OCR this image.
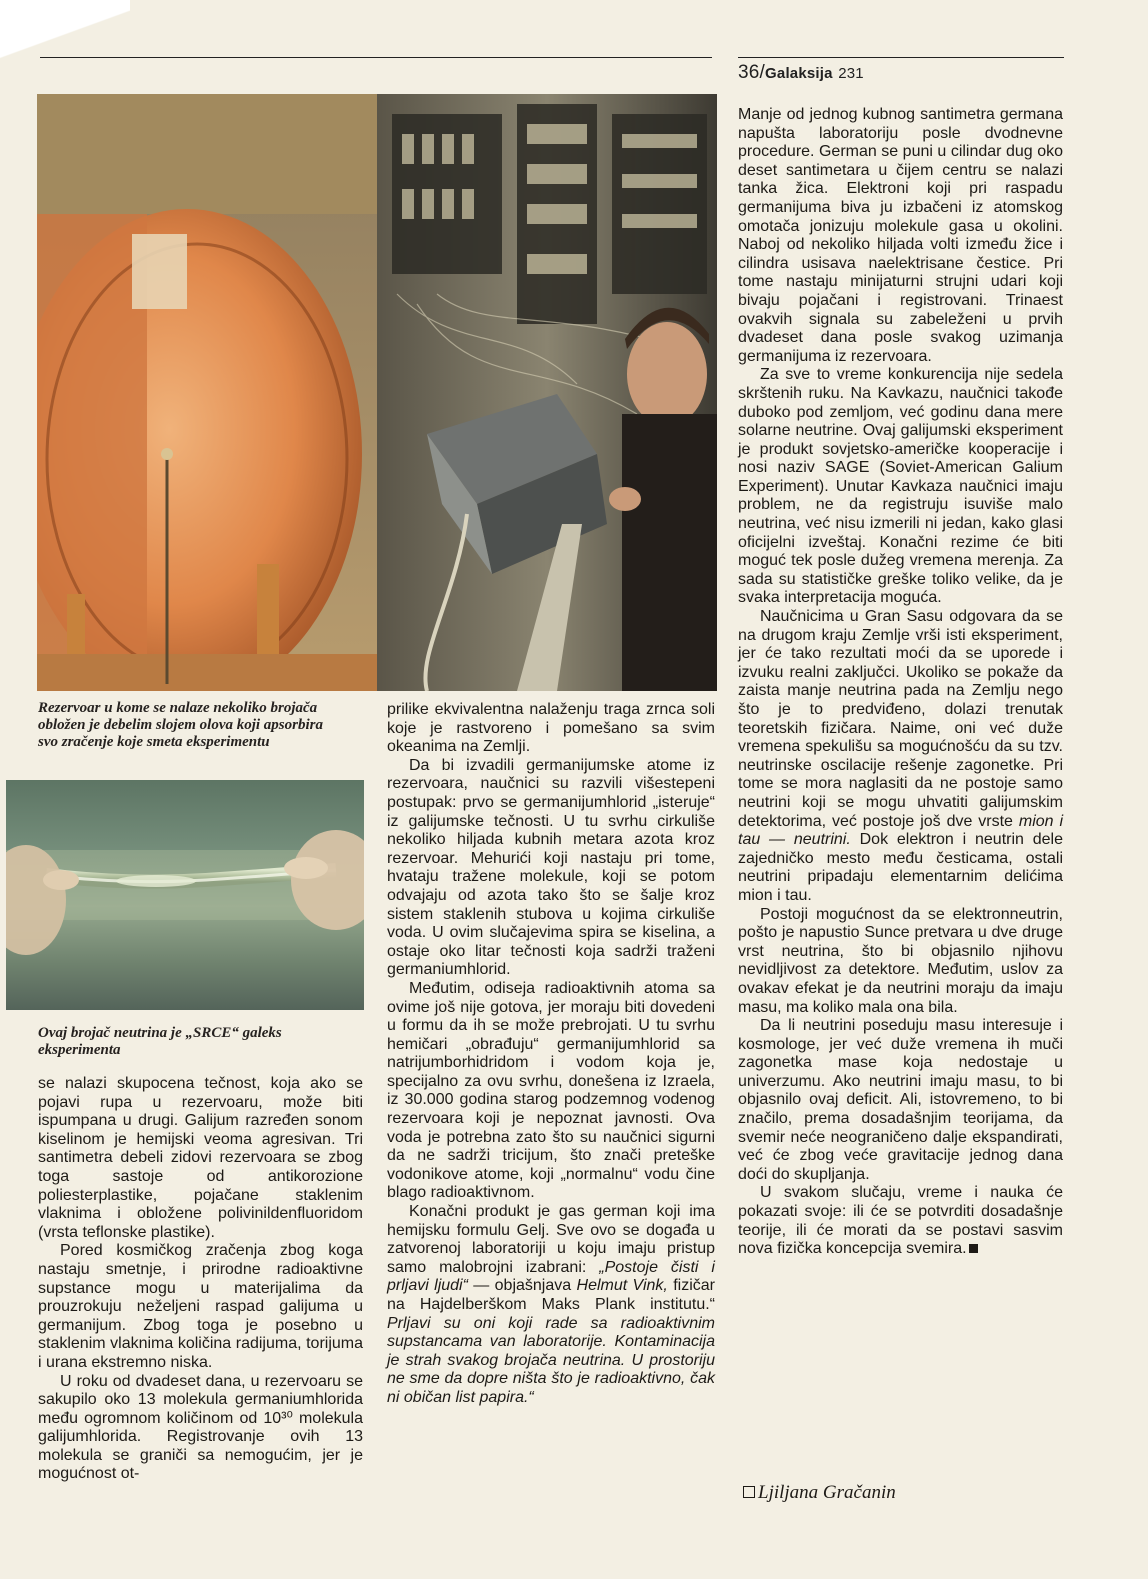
36/Galaksija 231
Rezervoar u kome se nalaze nekoliko brojača obložen je debelim slojem olova koji apsorbira svo zračenje koje smeta eksperimentu
Ovaj brojač neutrina je „SRCE“ galeks eksperimenta

se nalazi skupocena tečnost, koja ako se pojavi rupa u rezervoaru, može biti ispumpana u drugi. Galijum razređen sonom kiselinom je hemijski veoma agresivan. Tri santimetra debeli zidovi rezervoara se zbog toga sastoje od antikorozione poliesterplastike, pojačane staklenim vlaknima i obložene polivinildenfluoridom (vrsta teflonske plastike).

Pored kosmičkog zračenja zbog koga nastaju smetnje, i prirodne radioaktivne supstance mogu u materijalima da prouzrokuju neželjeni raspad galijuma u germanijum. Zbog toga je posebno u staklenim vlaknima količina radijuma, torijuma i urana ekstremno niska.

U roku od dvadeset dana, u rezervoaru se sakupilo oko 13 molekula germaniumhlorida među ogromnom količinom od 10³⁰ molekula galijumhlorida. Registrovanje ovih 13 molekula se graniči sa nemogućim, jer je mogućnost ot-

prilike ekvivalentna nalaženju traga zrnca soli koje je rastvoreno i pomešano sa svim okeanima na Zemlji.

Da bi izvadili germanijumske atome iz rezervoara, naučnici su razvili višestepeni postupak: prvo se germanijumhlorid „isteruje“ iz galijumske tečnosti. U tu svrhu cirkuliše nekoliko hiljada kubnih metara azota kroz rezervoar. Mehurići koji nastaju pri tome, hvataju tražene molekule, koji se potom odvajaju od azota tako što se šalje kroz sistem staklenih stubova u kojima cirkuliše voda. U ovim slučajevima spira se kiselina, a ostaje oko litar tečnosti koja sadrži traženi germaniumhlorid.

Međutim, odiseja radioaktivnih atoma sa ovime još nije gotova, jer moraju biti dovedeni u formu da ih se može prebrojati. U tu svrhu hemičari „obrađuju“ germanijumhlorid sa natrijumborhidridom i vodom koja je, specijalno za ovu svrhu, donešena iz Izraela, iz 30.000 godina starog podzemnog vodenog rezervoara koji je nepoznat javnosti. Ova voda je potrebna zato što su naučnici sigurni da ne sadrži tricijum, što znači preteške vodonikove atome, koji „normalnu“ vodu čine blago radioaktivnom.

Konačni produkt je gas german koji ima hemijsku formulu Gelj. Sve ovo se događa u zatvorenoj laboratoriji u koju imaju pristup samo malobrojni izabrani: „Postoje čisti i prljavi ljudi“ — objašnjava Helmut Vink, fizičar na Hajdelberškom Maks Plank institutu.“ Prljavi su oni koji rade sa radioaktivnim supstancama van laboratorije. Kontaminacija je strah svakog brojača neutrina. U prostoriju ne sme da dopre ništa što je radioaktivno, čak ni običan list papira.“

Manje od jednog kubnog santimetra germana napušta laboratoriju posle dvodnevne procedure. German se puni u cilindar dug oko deset santimetara u čijem centru se nalazi tanka žica. Elektroni koji pri raspadu germanijuma biva ju izbačeni iz atomskog omotača jonizuju molekule gasa u okolini. Naboj od nekoliko hiljada volti između žice i cilindra usisava naelektrisane čestice. Pri tome nastaju minijaturni strujni udari koji bivaju pojačani i registrovani. Trinaest ovakvih signala su zabeleženi u prvih dvadeset dana posle svakog uzimanja germanijuma iz rezervoara.

Za sve to vreme konkurencija nije sedela skrštenih ruku. Na Kavkazu, naučnici takođe duboko pod zemljom, već godinu dana mere solarne neutrine. Ovaj galijumski eksperiment je produkt sovjetsko-američke kooperacije i nosi naziv SAGE (Soviet-American Galium Experiment). Unutar Kavkaza naučnici imaju problem, ne da registruju isuviše malo neutrina, već nisu izmerili ni jedan, kako glasi oficijelni izveštaj. Konačni rezime će biti moguć tek posle dužeg vremena merenja. Za sada su statističke greške toliko velike, da je svaka interpretacija moguća.

Naučnicima u Gran Sasu odgovara da se na drugom kraju Zemlje vrši isti eksperiment, jer će tako rezultati moći da se uporede i izvuku realni zaključci. Ukoliko se pokaže da zaista manje neutrina pada na Zemlju nego što je to predviđeno, dolazi trenutak teoretskih fizičara. Naime, oni već duže vremena spekulišu sa mogućnošću da su tzv. neutrinske oscilacije rešenje zagonetke. Pri tome se mora naglasiti da ne postoje samo neutrini koji se mogu uhvatiti galijumskim detektorima, već postoje još dve vrste mion i tau — neutrini. Dok elektron i neutrin dele zajedničko mesto među česticama, ostali neutrini pripadaju elementarnim delićima mion i tau.

Postoji mogućnost da se elektronneutrin, pošto je napustio Sunce pretvara u dve druge vrst neutrina, što bi objasnilo njihovu nevidljivost za detektore. Međutim, uslov za ovakav efekat je da neutrini moraju da imaju masu, ma koliko mala ona bila.

Da li neutrini poseduju masu interesuje i kosmologe, jer već duže vremena ih muči zagonetka mase koja nedostaje u univerzumu. Ako neutrini imaju masu, to bi objasnilo ovaj deficit. Ali, istovremeno, to bi značilo, prema dosadašnjim teorijama, da svemir neće neograničeno dalje ekspandirati, već će zbog veće gravitacije jednog dana doći do skupljanja.

U svakom slučaju, vreme i nauka će pokazati svoje: ili će se potvrditi dosadašnje teorije, ili će morati da se postavi sasvim nova fizička koncepcija svemira.

Ljiljana Gračanin
